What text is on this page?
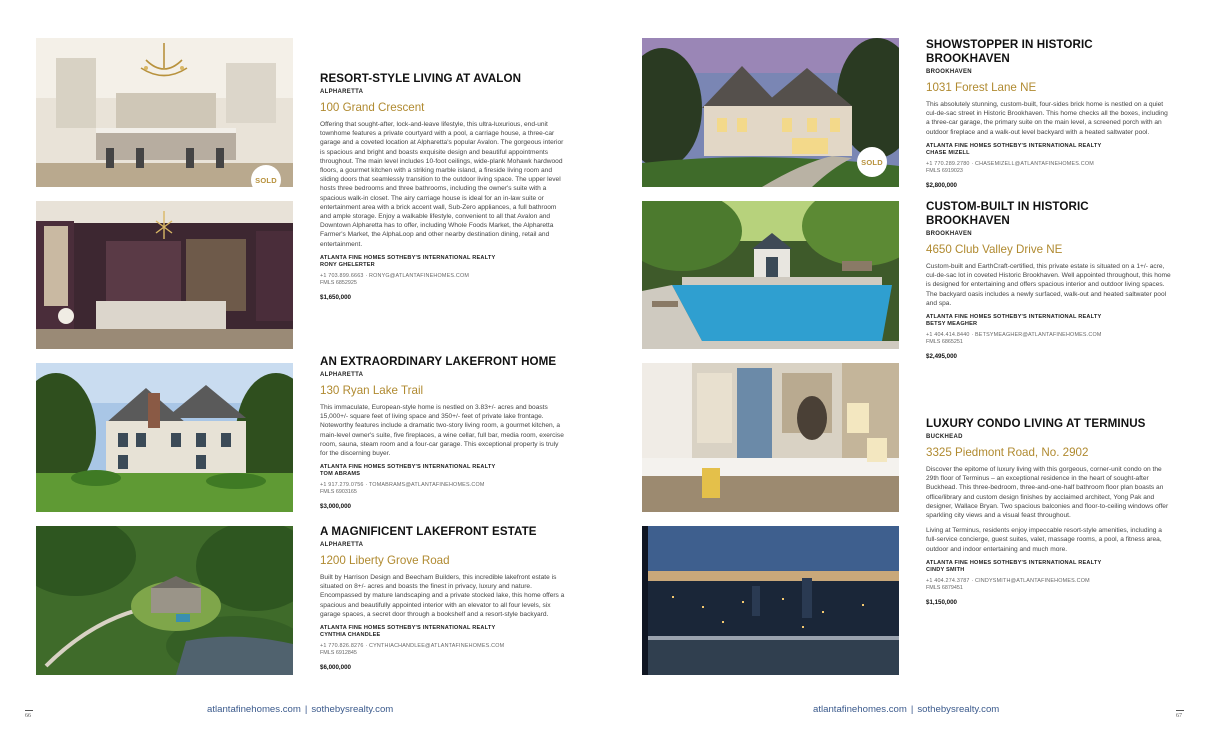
SOLD
RESORT-STYLE LIVING AT AVALON
ALPHARETTA
100 Grand Crescent

Offering that sought-after, lock-and-leave lifestyle, this ultra-luxurious, end-unit townhome features a private courtyard with a pool, a carriage house, a three-car garage and a coveted location at Alpharetta's popular Avalon. The gorgeous interior is spacious and bright and boasts exquisite design and beautiful appointments throughout. The main level includes 10-foot ceilings, wide-plank Mohawk hardwood floors, a gourmet kitchen with a striking marble island, a fireside living room and sliding doors that seamlessly transition to the outdoor living space. The upper level hosts three bedrooms and three bathrooms, including the owner's suite with a spacious walk-in closet. The airy carriage house is ideal for an in-law suite or entertainment area with a brick accent wall, Sub-Zero appliances, a full bathroom and ample storage. Enjoy a walkable lifestyle, convenient to all that Avalon and Downtown Alpharetta has to offer, including Whole Foods Market, the Alpharetta Farmer's Market, the AlphaLoop and other nearby destination dining, retail and entertainment.

ATLANTA FINE HOMES SOTHEBY'S INTERNATIONAL REALTY
RONY GHELERTER
+1 703.899.6663 · RONYG@ATLANTAFINEHOMES.COM
FMLS 6852925
$1,650,000
AN EXTRAORDINARY LAKEFRONT HOME
ALPHARETTA
130 Ryan Lake Trail

This immaculate, European-style home is nestled on 3.83+/- acres and boasts 15,000+/- square feet of living space and 350+/- feet of private lake frontage. Noteworthy features include a dramatic two-story living room, a gourmet kitchen, a main-level owner's suite, five fireplaces, a wine cellar, full bar, media room, exercise room, sauna, steam room and a four-car garage. This exceptional property is truly for the discerning buyer.

ATLANTA FINE HOMES SOTHEBY'S INTERNATIONAL REALTY
TOM ABRAMS
+1 917.279.0756 · TOMABRAMS@ATLANTAFINEHOMES.COM
FMLS 6903165
$3,000,000
A MAGNIFICENT LAKEFRONT ESTATE
ALPHARETTA
1200 Liberty Grove Road

Built by Harrison Design and Beecham Builders, this incredible lakefront estate is situated on 8+/- acres and boasts the finest in privacy, luxury and nature. Encompassed by mature landscaping and a private stocked lake, this home offers a spacious and beautifully appointed interior with an elevator to all four levels, six garage spaces, a secret door through a bookshelf and a resort-style backyard.

ATLANTA FINE HOMES SOTHEBY'S INTERNATIONAL REALTY
CYNTHIA CHANDLEE
+1 770.826.8276 · CYNTHIACHANDLEE@ATLANTAFINEHOMES.COM
FMLS 6912845
$6,000,000
SOLD
SHOWSTOPPER IN HISTORIC BROOKHAVEN
BROOKHAVEN
1031 Forest Lane NE

This absolutely stunning, custom-built, four-sides brick home is nestled on a quiet cul-de-sac street in Historic Brookhaven. This home checks all the boxes, including a three-car garage, the primary suite on the main level, a screened porch with an outdoor fireplace and a walk-out level backyard with a heated saltwater pool.

ATLANTA FINE HOMES SOTHEBY'S INTERNATIONAL REALTY
CHASE MIZELL
+1 770.289.2780 · CHASEMIZELL@ATLANTAFINEHOMES.COM
FMLS 6919023
$2,800,000
CUSTOM-BUILT IN HISTORIC BROOKHAVEN
BROOKHAVEN
4650 Club Valley Drive NE

Custom-built and EarthCraft-certified, this private estate is situated on a 1+/- acre, cul-de-sac lot in coveted Historic Brookhaven. Well appointed throughout, this home is designed for entertaining and offers spacious interior and outdoor living spaces. The backyard oasis includes a newly surfaced, walk-out and heated saltwater pool and spa.

ATLANTA FINE HOMES SOTHEBY'S INTERNATIONAL REALTY
BETSY MEAGHER
+1 404.414.8440 · BETSYMEAGHER@ATLANTAFINEHOMES.COM
FMLS 6865251
$2,495,000
LUXURY CONDO LIVING AT TERMINUS
BUCKHEAD
3325 Piedmont Road, No. 2902

Discover the epitome of luxury living with this gorgeous, corner-unit condo on the 29th floor of Terminus – an exceptional residence in the heart of sought-after Buckhead. This three-bedroom, three-and-one-half bathroom floor plan boasts an office/library and custom design finishes by acclaimed architect, Yong Pak and designer, Wallace Bryan. Two spacious balconies and floor-to-ceiling windows offer sparkling city views and a visual feast throughout.

Living at Terminus, residents enjoy impeccable resort-style amenities, including a full-service concierge, guest suites, valet, massage rooms, a pool, a fitness area, outdoor and indoor entertaining and much more.

ATLANTA FINE HOMES SOTHEBY'S INTERNATIONAL REALTY
CINDY SMITH
+1 404.274.3787 · CINDYSMITH@ATLANTAFINEHOMES.COM
FMLS 6879451
$1,150,000
66
atlantafinehomes.com | sothebysrealty.com	atlantafinehomes.com | sothebysrealty.com
67
